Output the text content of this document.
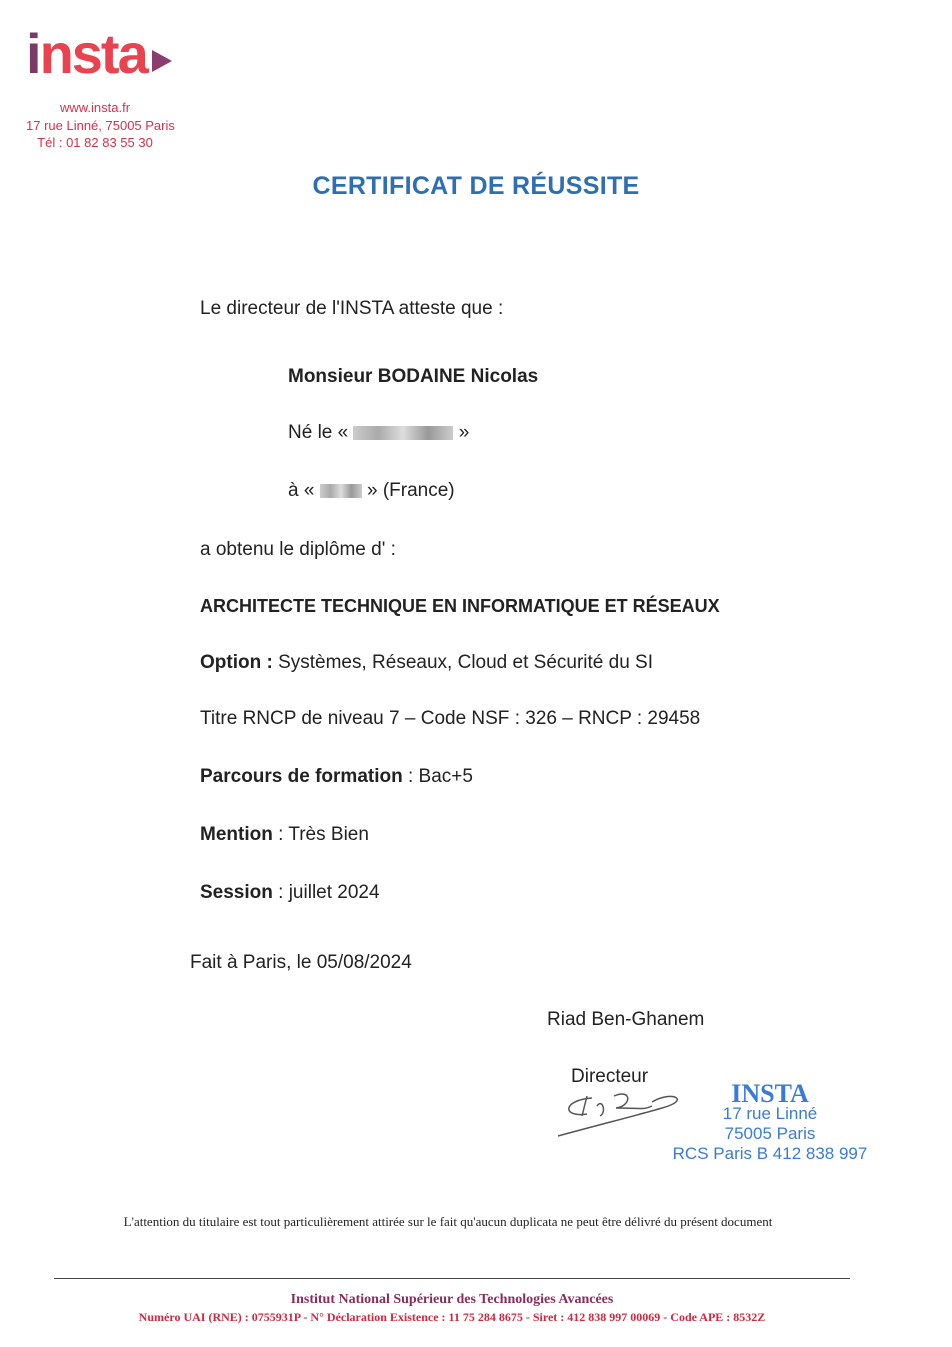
insta
www.insta.fr
17 rue Linné, 75005 Paris
Tél : 01 82 83 55 30
CERTIFICAT DE RÉUSSITE
Le directeur de l'INSTA atteste que :
Monsieur BODAINE Nicolas
Né le «	»
à «	» (France)
a obtenu le diplôme d' :
ARCHITECTE TECHNIQUE EN INFORMATIQUE ET RÉSEAUX
Option : Systèmes, Réseaux, Cloud et Sécurité du SI
Titre RNCP de niveau 7 – Code NSF : 326 – RNCP : 29458
Parcours de formation : Bac+5
Mention : Très Bien
Session : juillet 2024
Fait à Paris, le 05/08/2024
Riad Ben-Ghanem
Directeur
INSTA
17 rue Linné
75005 Paris
RCS Paris B 412 838 997
L'attention du titulaire est tout particulièrement attirée sur le fait qu'aucun duplicata ne peut être délivré du présent document
Institut National Supérieur des Technologies Avancées
Numéro UAI (RNE) : 0755931P - N° Déclaration Existence : 11 75 284 8675 - Siret : 412 838 997 00069 - Code APE : 8532Z
